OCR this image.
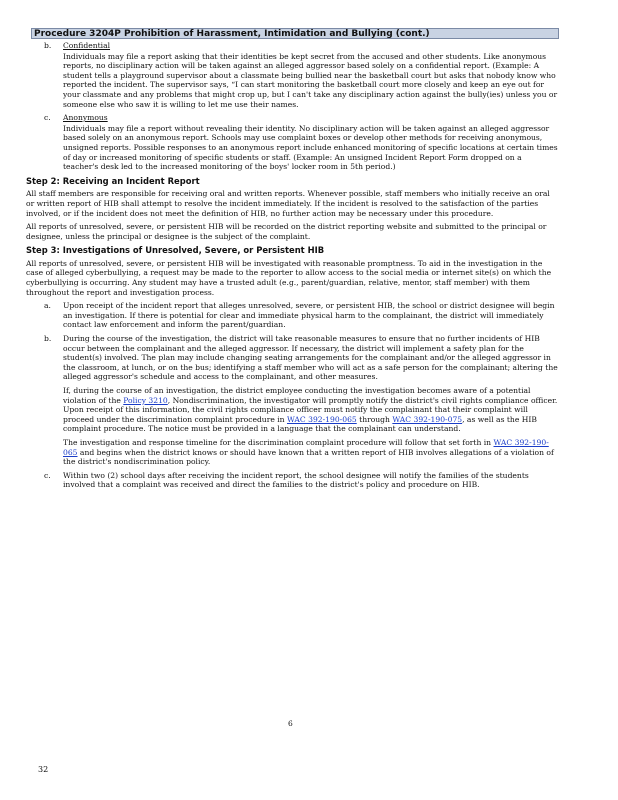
Procedure 3204P Prohibition of Harassment, Intimidation and Bullying (cont.)
b. Confidential
Individuals may file a report asking that their identities be kept secret from the accused and other students. Like anonymous reports, no disciplinary action will be taken against an alleged aggressor based solely on a confidential report. (Example: A student tells a playground supervisor about a classmate being bullied near the basketball court but asks that nobody know who reported the incident. The supervisor says, “I can start monitoring the basketball court more closely and keep an eye out for your classmate and any problems that might crop up, but I can't take any disciplinary action against the bully(ies) unless you or someone else who saw it is willing to let me use their names.
c. Anonymous
Individuals may file a report without revealing their identity. No disciplinary action will be taken against an alleged aggressor based solely on an anonymous report. Schools may use complaint boxes or develop other methods for receiving anonymous, unsigned reports. Possible responses to an anonymous report include enhanced monitoring of specific locations at certain times of day or increased monitoring of specific students or staff. (Example: An unsigned Incident Report Form dropped on a teacher's desk led to the increased monitoring of the boys' locker room in 5th period.)
Step 2: Receiving an Incident Report
All staff members are responsible for receiving oral and written reports. Whenever possible, staff members who initially receive an oral or written report of HIB shall attempt to resolve the incident immediately. If the incident is resolved to the satisfaction of the parties involved, or if the incident does not meet the definition of HIB, no further action may be necessary under this procedure.
All reports of unresolved, severe, or persistent HIB will be recorded on the district reporting website and submitted to the principal or designee, unless the principal or designee is the subject of the complaint.
Step 3: Investigations of Unresolved, Severe, or Persistent HIB
All reports of unresolved, severe, or persistent HIB will be investigated with reasonable promptness. To aid in the investigation in the case of alleged cyberbullying, a request may be made to the reporter to allow access to the social media or internet site(s) on which the cyberbullying is occurring. Any student may have a trusted adult (e.g., parent/guardian, relative, mentor, staff member) with them throughout the report and investigation process.
a.	Upon receipt of the incident report that alleges unresolved, severe, or persistent HIB, the school or district designee will begin an investigation. If there is potential for clear and immediate physical harm to the complainant, the district will immediately contact law enforcement and inform the parent/guardian.
b. During the course of the investigation, the district will take reasonable measures to ensure that no further incidents of HIB occur between the complainant and the alleged aggressor. If necessary, the district will implement a safety plan for the student(s) involved. The plan may include changing seating arrangements for the complainant and/or the alleged aggressor in the classroom, at lunch, or on the bus; identifying a staff member who will act as a safe person for the complainant; altering the alleged aggressor's schedule and access to the complainant, and other measures.
If, during the course of an investigation, the district employee conducting the investigation becomes aware of a potential violation of the Policy 3210, Nondiscrimination, the investigator will promptly notify the district's civil rights compliance officer. Upon receipt of this information, the civil rights compliance officer must notify the complainant that their complaint will proceed under the discrimination complaint procedure in WAC 392-190-065 through WAC 392-190-075, as well as the HIB complaint procedure. The notice must be provided in a language that the complainant can understand.
The investigation and response timeline for the discrimination complaint procedure will follow that set forth in WAC 392-190-065 and begins when the district knows or should have known that a written report of HIB involves allegations of a violation of the district's nondiscrimination policy.
c.	Within two (2) school days after receiving the incident report, the school designee will notify the families of the students involved that a complaint was received and direct the families to the district's policy and procedure on HIB.
6
32
